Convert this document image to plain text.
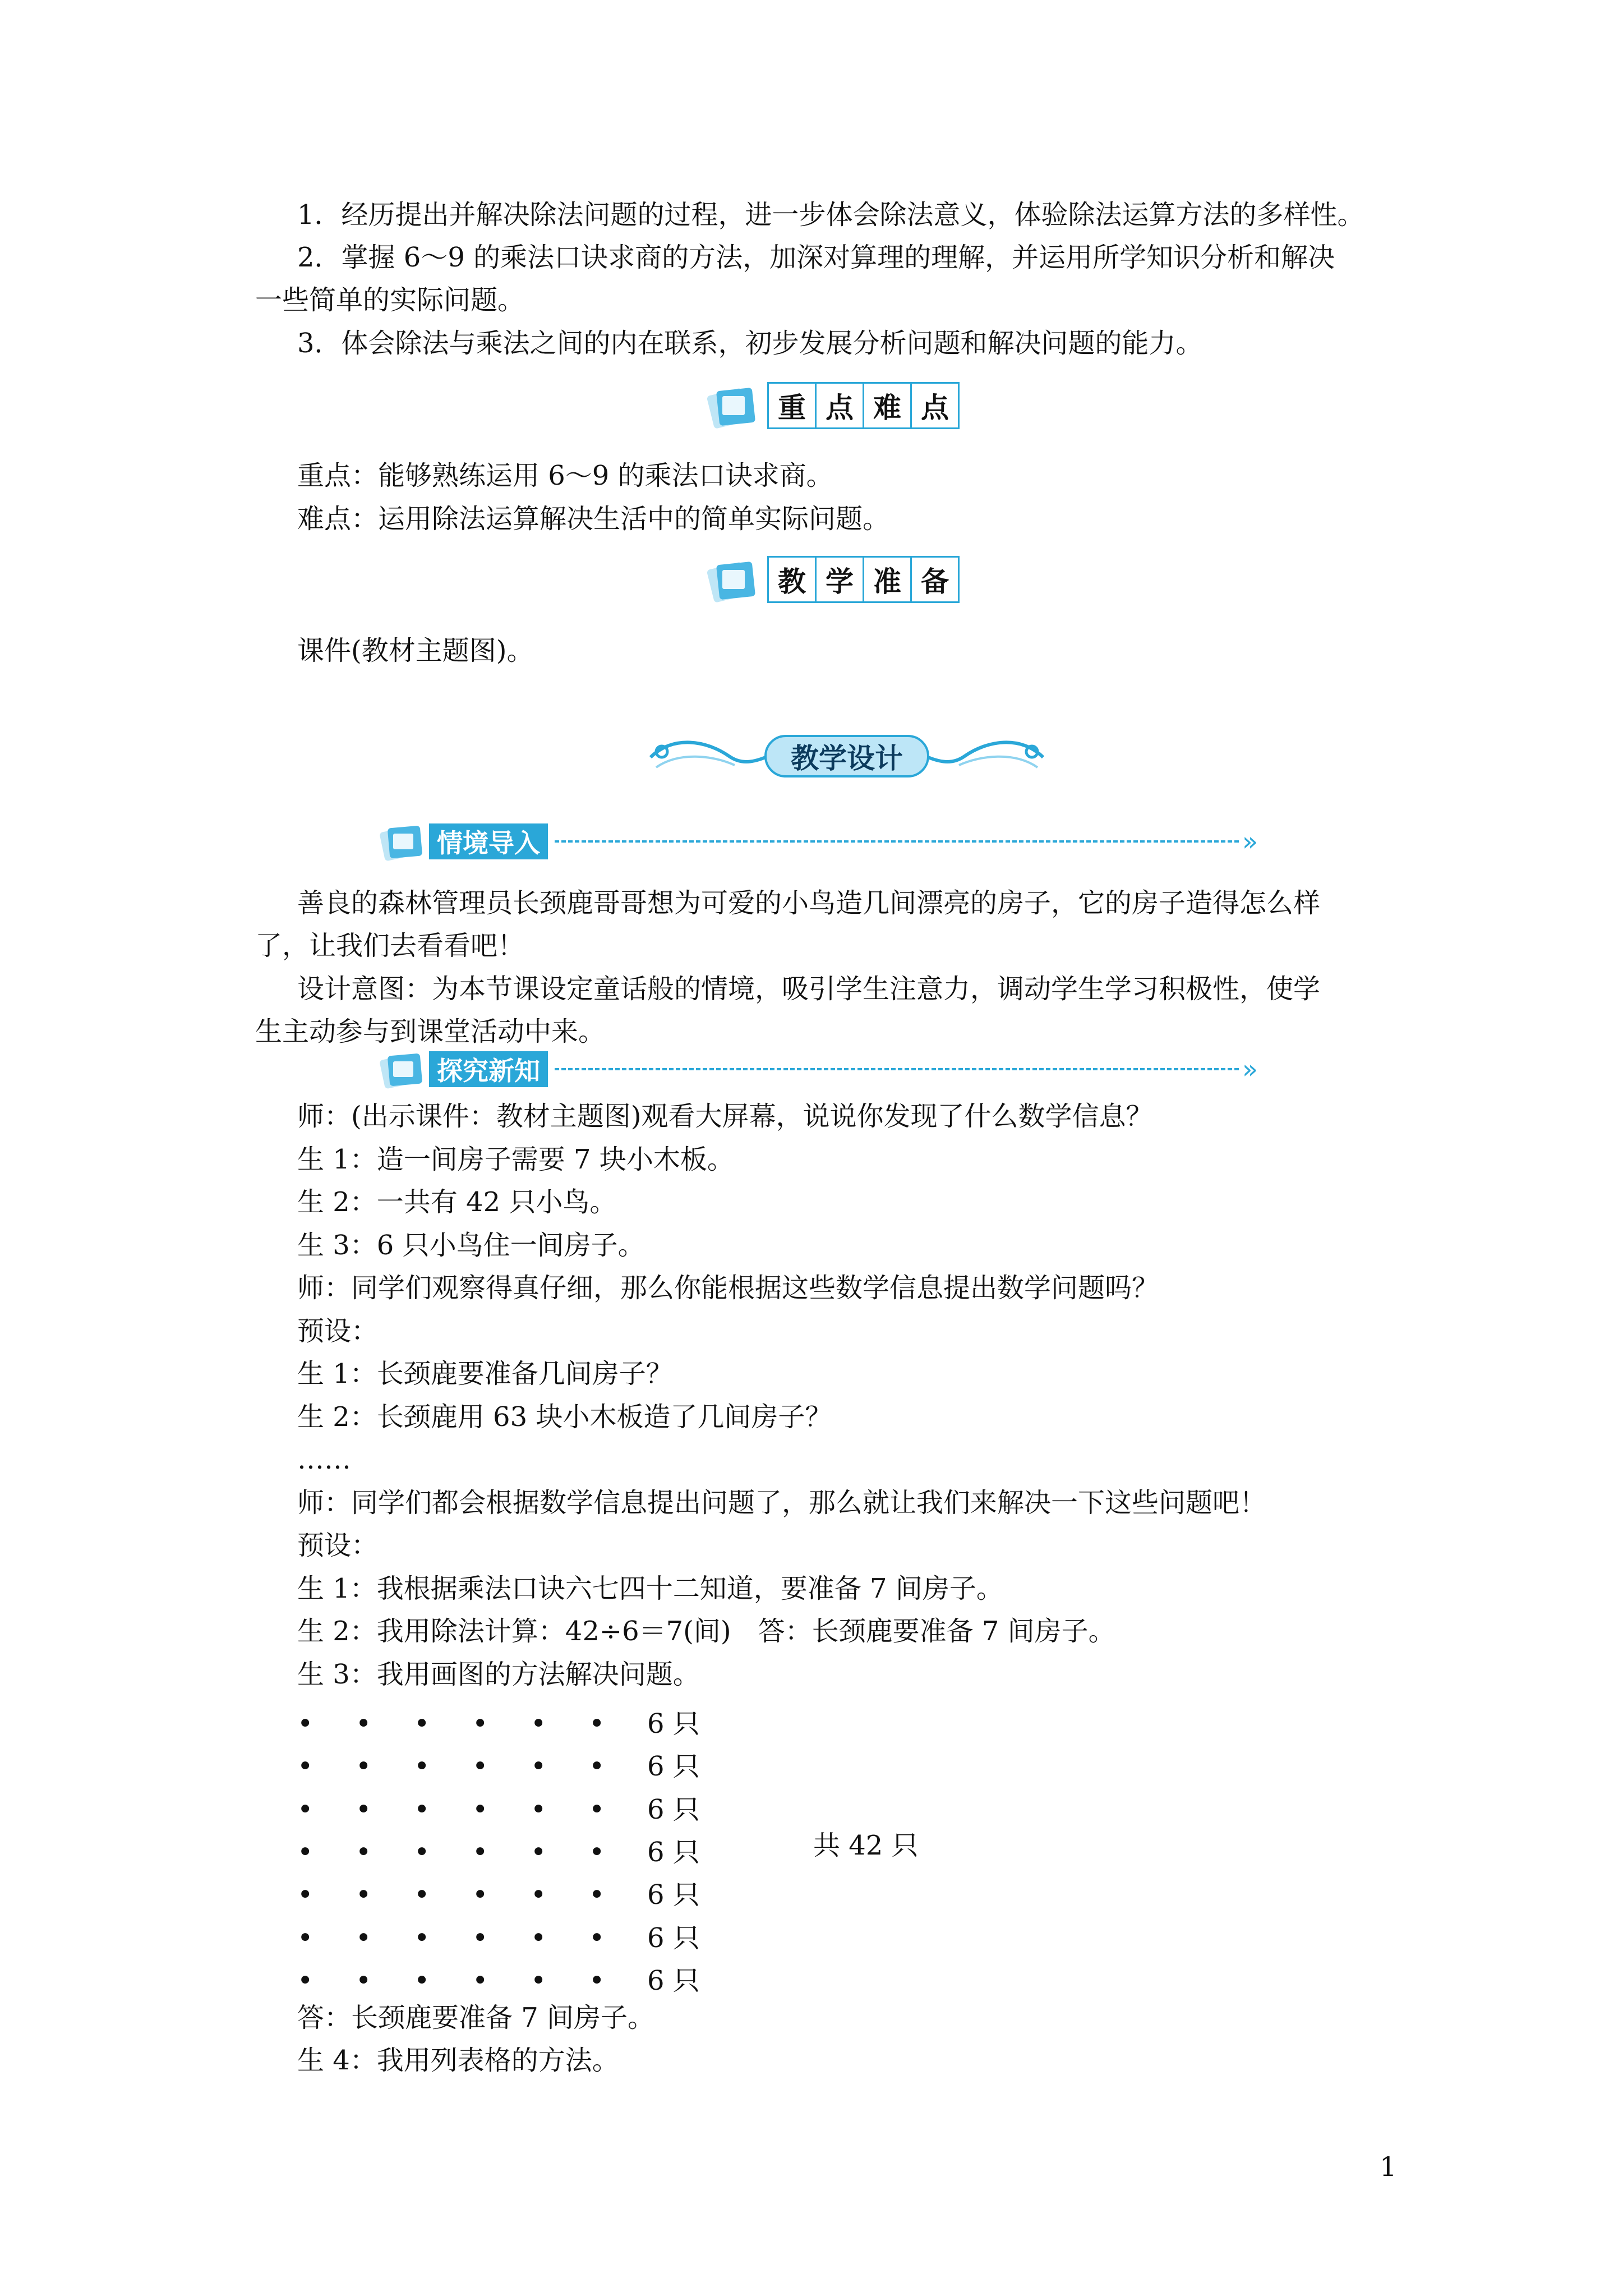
1．经历提出并解决除法问题的过程，进一步体会除法意义，体验除法运算方法的多样性。
2．掌握 6～9 的乘法口诀求商的方法，加深对算理的理解，并运用所学知识分析和解决
一些简单的实际问题。
3．体会除法与乘法之间的内在联系，初步发展分析问题和解决问题的能力。
重 点 难 点
重点：能够熟练运用 6～9 的乘法口诀求商。
难点：运用除法运算解决生活中的简单实际问题。
教 学 准 备
课件(教材主题图)。
教学设计
情境导入	»
善良的森林管理员长颈鹿哥哥想为可爱的小鸟造几间漂亮的房子，它的房子造得怎么样
了，让我们去看看吧！
设计意图：为本节课设定童话般的情境，吸引学生注意力，调动学生学习积极性，使学
生主动参与到课堂活动中来。
探究新知	»
师：(出示课件：教材主题图)观看大屏幕，说说你发现了什么数学信息？
生 1：造一间房子需要 7 块小木板。
生 2：一共有 42 只小鸟。
生 3：6 只小鸟住一间房子。
师：同学们观察得真仔细，那么你能根据这些数学信息提出数学问题吗？
预设：
生 1：长颈鹿要准备几间房子？
生 2：长颈鹿用 63 块小木板造了几间房子？
……
师：同学们都会根据数学信息提出问题了，那么就让我们来解决一下这些问题吧！
预设：
生 1：我根据乘法口诀六七四十二知道，要准备 7 间房子。
生 2：我用除法计算：42÷6＝7(间)　答：长颈鹿要准备 7 间房子。
生 3：我用画图的方法解决问题。
• • • • • • 6 只
• • • • • • 6 只
• • • • • • 6 只
• • • • • • 6 只
• • • • • • 6 只
• • • • • • 6 只
• • • • • • 6 只
共 42 只
答：长颈鹿要准备 7 间房子。
生 4：我用列表格的方法。
1
